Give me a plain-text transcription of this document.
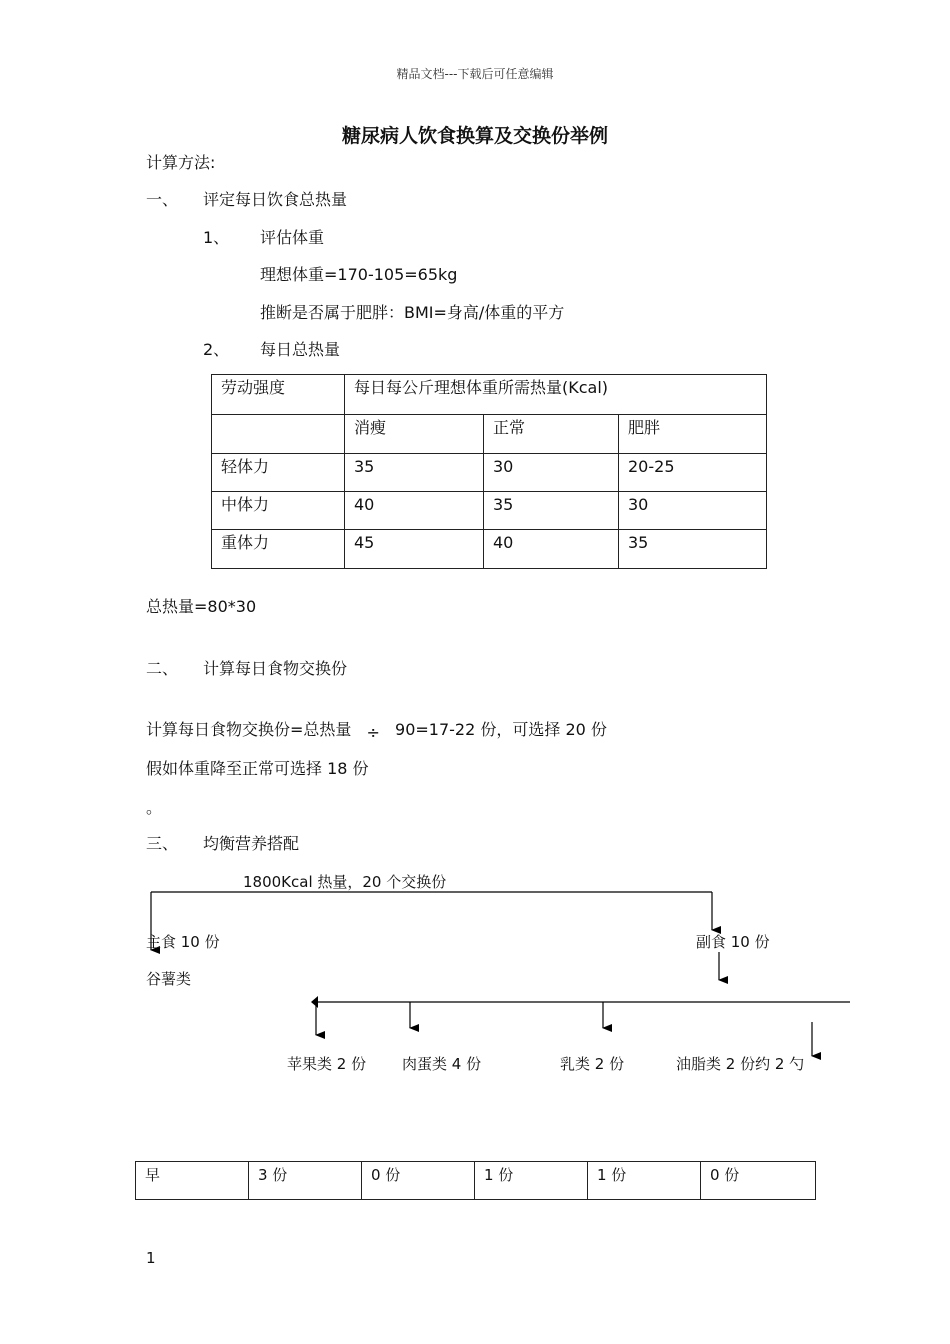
精品文档---下载后可任意编辑
糖尿病人饮食换算及交换份举例
计算方法:
一、 评定每日饮食总热量
1、 评估体重
理想体重=170-105=65kg
推断是否属于肥胖：BMI=身高/体重的平方
2、 每日总热量
劳动强度	每日每公斤理想体重所需热量(Kcal)		
	消瘦	正常	肥胖
轻体力	35	30	20-25
中体力	40	35	30
重体力	45	40	35
总热量=80*30
二、 计算每日食物交换份
计算每日食物交换份=总热量 ÷ 90=17-22 份，可选择 20 份
假如体重降至正常可选择 18 份
。
三、 均衡营养搭配
1800Kcal 热量，20 个交换份
主食 10 份
谷薯类
副食 10 份
苹果类 2 份 肉蛋类 4 份	乳类 2 份	油脂类 2 份约 2 勺
早	3 份	0 份	1 份	1 份	0 份
1
